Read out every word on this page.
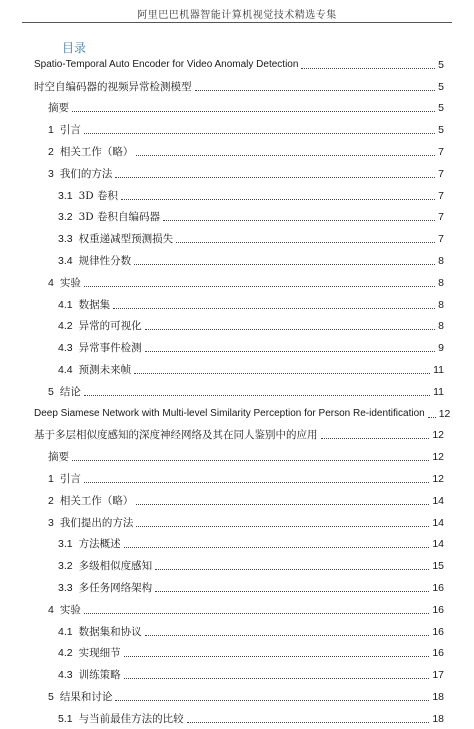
阿里巴巴机器智能计算机视觉技术精选专集
目录
Spatio-Temporal Auto Encoder for Video Anomaly Detection	5
时空自编码器的视频异常检测模型	5
摘要	5
1 引言	5
2 相关工作（略）	7
3 我们的方法	7
3.1 3D 卷积	7
3.2 3D 卷积自编码器	7
3.3 权重递减型预测损失	7
3.4 规律性分数	8
4 实验	8
4.1 数据集	8
4.2 异常的可视化	8
4.3 异常事件检测	9
4.4 预测未来帧	11
5 结论	11
Deep Siamese Network with Multi-level Similarity Perception for Person Re-identification 12
基于多层相似度感知的深度神经网络及其在同人鉴别中的应用	12
摘要	12
1 引言	12
2 相关工作（略）	14
3 我们提出的方法	14
3.1 方法概述	14
3.2 多级相似度感知	15
3.3 多任务网络架构	16
4 实验	16
4.1 数据集和协议	16
4.2 实现细节	16
4.3 训练策略	17
5 结果和讨论	18
5.1 与当前最佳方法的比较	18
